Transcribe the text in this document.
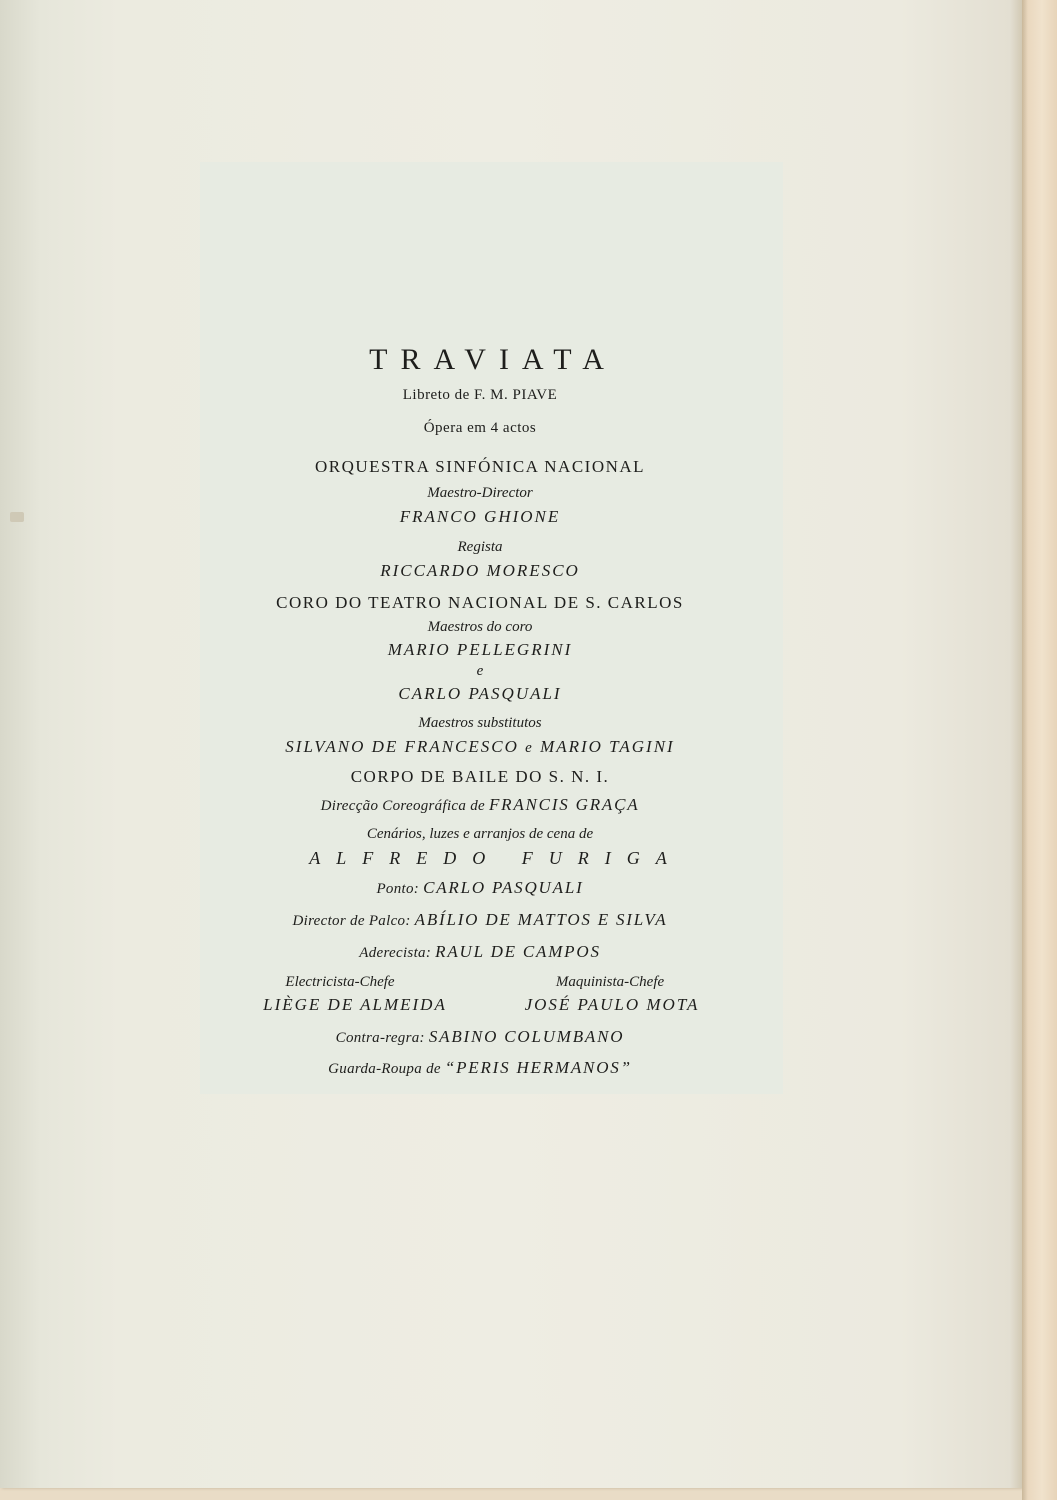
TRAVIATA
Libreto de F. M. PIAVE
Ópera em 4 actos
ORQUESTRA SINFÓNICA NACIONAL
Maestro-Director
FRANCO GHIONE
Regista
RICCARDO MORESCO
CORO DO TEATRO NACIONAL DE S. CARLOS
Maestros do coro
MARIO PELLEGRINI
e
CARLO PASQUALI
Maestros substitutos
SILVANO DE FRANCESCO e MARIO TAGINI
CORPO DE BAILE DO S. N. I.
Direcção Coreográfica de FRANCIS GRAÇA
Cenários, luzes e arranjos de cena de
ALFREDO FURIGA
Ponto: CARLO PASQUALI
Director de Palco: ABÍLIO DE MATTOS E SILVA
Aderecista: RAUL DE CAMPOS
Electricista-Chefe
LIÈGE DE ALMEIDA
Maquinista-Chefe
JOSÉ PAULO MOTA
Contra-regra: SABINO COLUMBANO
Guarda-Roupa de “PERIS HERMANOS”
